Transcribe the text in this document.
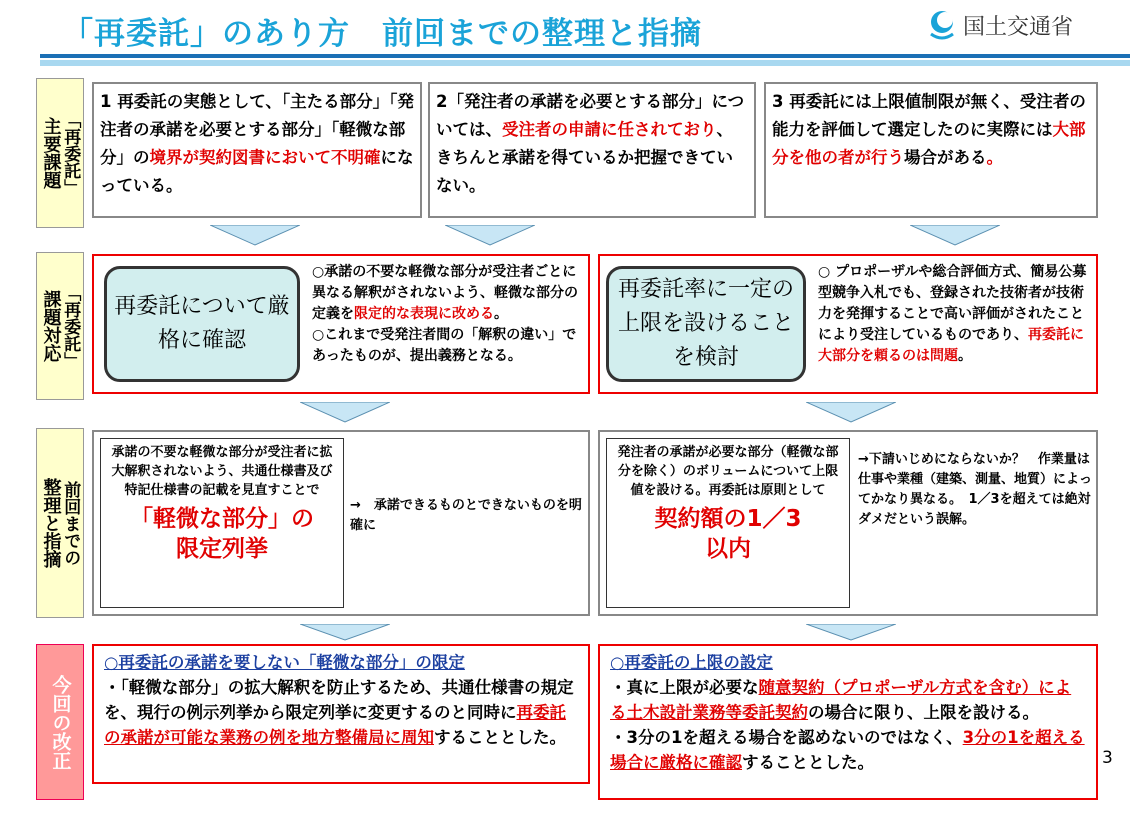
「再委託」のあり方　前回までの整理と指摘	国土交通省
主要課題
「再委託」
1 再委託の実態として、「主たる部分」「発注者の承諾を必要とする部分」「軽微な部分」の境界が契約図書において不明確になっている。
2「発注者の承諾を必要とする部分」については、受注者の申請に任されており、きちんと承諾を得ているか把握できていない。
3 再委託には上限値制限が無く、受注者の能力を評価して選定したのに実際には大部分を他の者が行う場合がある。
課題対応
「再委託」	再委託について厳格に確認
○承諾の不要な軽微な部分が受注者ごとに異なる解釈がされないよう、軽微な部分の定義を限定的な表現に改める。
○これまで受発注者間の「解釈の違い」であったものが、提出義務となる。
再委託率に一定の上限を設けることを検討
○ プロポーザルや総合評価方式、簡易公募型競争入札でも、登録された技術者が技術力を発揮することで高い評価がされたことにより受注しているものであり、再委託に大部分を頼るのは問題。
整理と指摘
前回までの
承諾の不要な軽微な部分が受注者に拡大解釈されないよう、共通仕様書及び特記仕様書の記載を見直すことで
「軽微な部分」の
限定列挙
→　承諾できるものとできないものを明確に
発注者の承諾が必要な部分（軽微な部分を除く）のボリュームについて上限値を設ける。再委託は原則として
契約額の1／3
以内
→下請いじめにならないか？　作業量は仕事や業種（建築、測量、地質）によってかなり異なる。　1／3を超えては絶対ダメだという誤解。
今回の改正
○再委託の承諾を要しない「軽微な部分」の限定
・「軽微な部分」の拡大解釈を防止するため、共通仕様書の規定を、現行の例示列挙から限定列挙に変更するのと同時に再委託の承諾が可能な業務の例を地方整備局に周知することとした。
○再委託の上限の設定
・真に上限が必要な随意契約（プロポーザル方式を含む）による土木設計業務等委託契約の場合に限り、上限を設ける。
・3分の1を超える場合を認めないのではなく、3分の1を超える場合に厳格に確認することとした。	3
